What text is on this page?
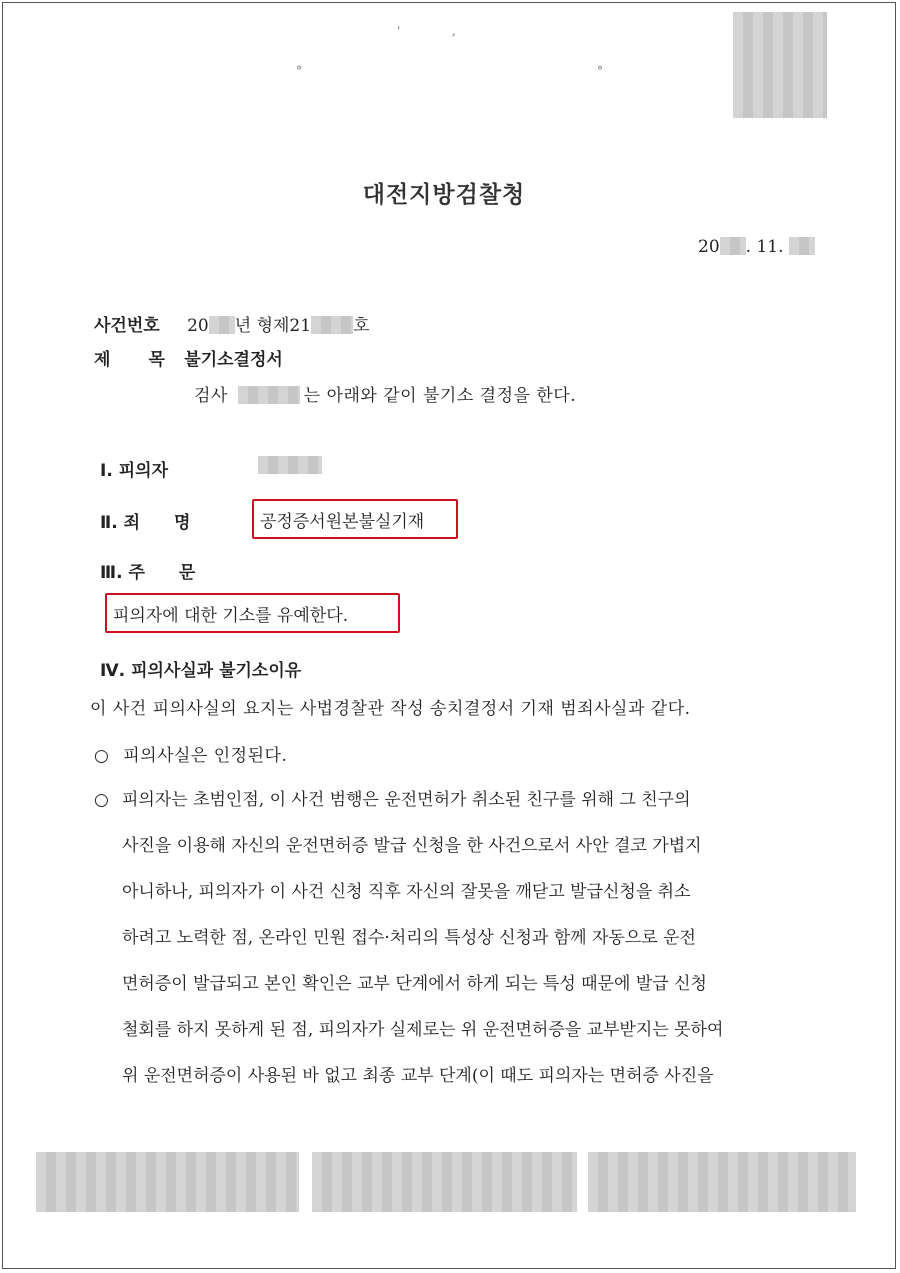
'	,
°	°
대전지방검찰청
20 . 11.
사건번호 20 년 형제21 호
제 목 불기소결정서
검사	는 아래와 같이 불기소 결정을 한다.
Ⅰ. 피의자
Ⅱ. 죄 명	공정증서원본불실기재
Ⅲ. 주 문
피의자에 대한 기소를 유예한다.
Ⅳ. 피의사실과 불기소이유
이 사건 피의사실의 요지는 사법경찰관 작성 송치결정서 기재 범죄사실과 같다.
○ 피의사실은 인정된다.
○ 피의자는 초범인점, 이 사건 범행은 운전면허가 취소된 친구를 위해 그 친구의
사진을 이용해 자신의 운전면허증 발급 신청을 한 사건으로서 사안 결코 가볍지
아니하나, 피의자가 이 사건 신청 직후 자신의 잘못을 깨닫고 발급신청을 취소
하려고 노력한 점, 온라인 민원 접수·처리의 특성상 신청과 함께 자동으로 운전
면허증이 발급되고 본인 확인은 교부 단계에서 하게 되는 특성 때문에 발급 신청
철회를 하지 못하게 된 점, 피의자가 실제로는 위 운전면허증을 교부받지는 못하여
위 운전면허증이 사용된 바 없고 최종 교부 단계(이 때도 피의자는 면허증 사진을
